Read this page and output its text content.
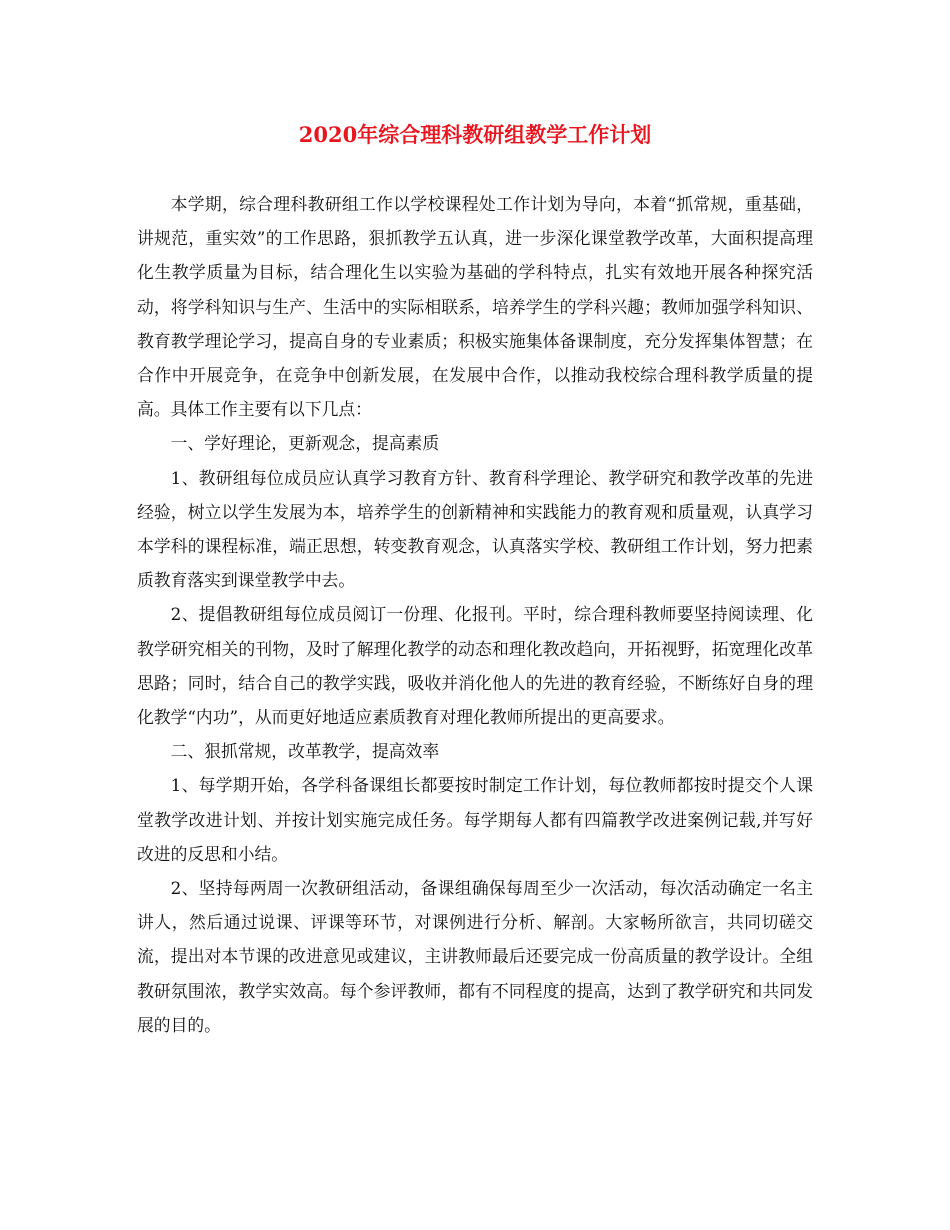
2020年综合理科教研组教学工作计划

本学期，综合理科教研组工作以学校课程处工作计划为导向，本着“抓常规，重基础，讲规范，重实效”的工作思路，狠抓教学五认真，进一步深化课堂教学改革，大面积提高理化生教学质量为目标，结合理化生以实验为基础的学科特点，扎实有效地开展各种探究活动，将学科知识与生产、生活中的实际相联系，培养学生的学科兴趣；教师加强学科知识、教育教学理论学习，提高自身的专业素质；积极实施集体备课制度，充分发挥集体智慧；在合作中开展竞争，在竞争中创新发展，在发展中合作，以推动我校综合理科教学质量的提高。具体工作主要有以下几点：

一、学好理论，更新观念，提高素质

1、教研组每位成员应认真学习教育方针、教育科学理论、教学研究和教学改革的先进经验，树立以学生发展为本，培养学生的创新精神和实践能力的教育观和质量观，认真学习本学科的课程标准，端正思想，转变教育观念，认真落实学校、教研组工作计划，努力把素质教育落实到课堂教学中去。

2、提倡教研组每位成员阅订一份理、化报刊。平时，综合理科教师要坚持阅读理、化教学研究相关的刊物，及时了解理化教学的动态和理化教改趋向，开拓视野，拓宽理化改革思路；同时，结合自己的教学实践，吸收并消化他人的先进的教育经验，不断练好自身的理化教学“内功”，从而更好地适应素质教育对理化教师所提出的更高要求。

二、狠抓常规，改革教学，提高效率

1、每学期开始，各学科备课组长都要按时制定工作计划，每位教师都按时提交个人课堂教学改进计划、并按计划实施完成任务。每学期每人都有四篇教学改进案例记载,并写好改进的反思和小结。

2、坚持每两周一次教研组活动，备课组确保每周至少一次活动，每次活动确定一名主讲人，然后通过说课、评课等环节，对课例进行分析、解剖。大家畅所欲言，共同切磋交流，提出对本节课的改进意见或建议，主讲教师最后还要完成一份高质量的教学设计。全组教研氛围浓，教学实效高。每个参评教师，都有不同程度的提高，达到了教学研究和共同发展的目的。
